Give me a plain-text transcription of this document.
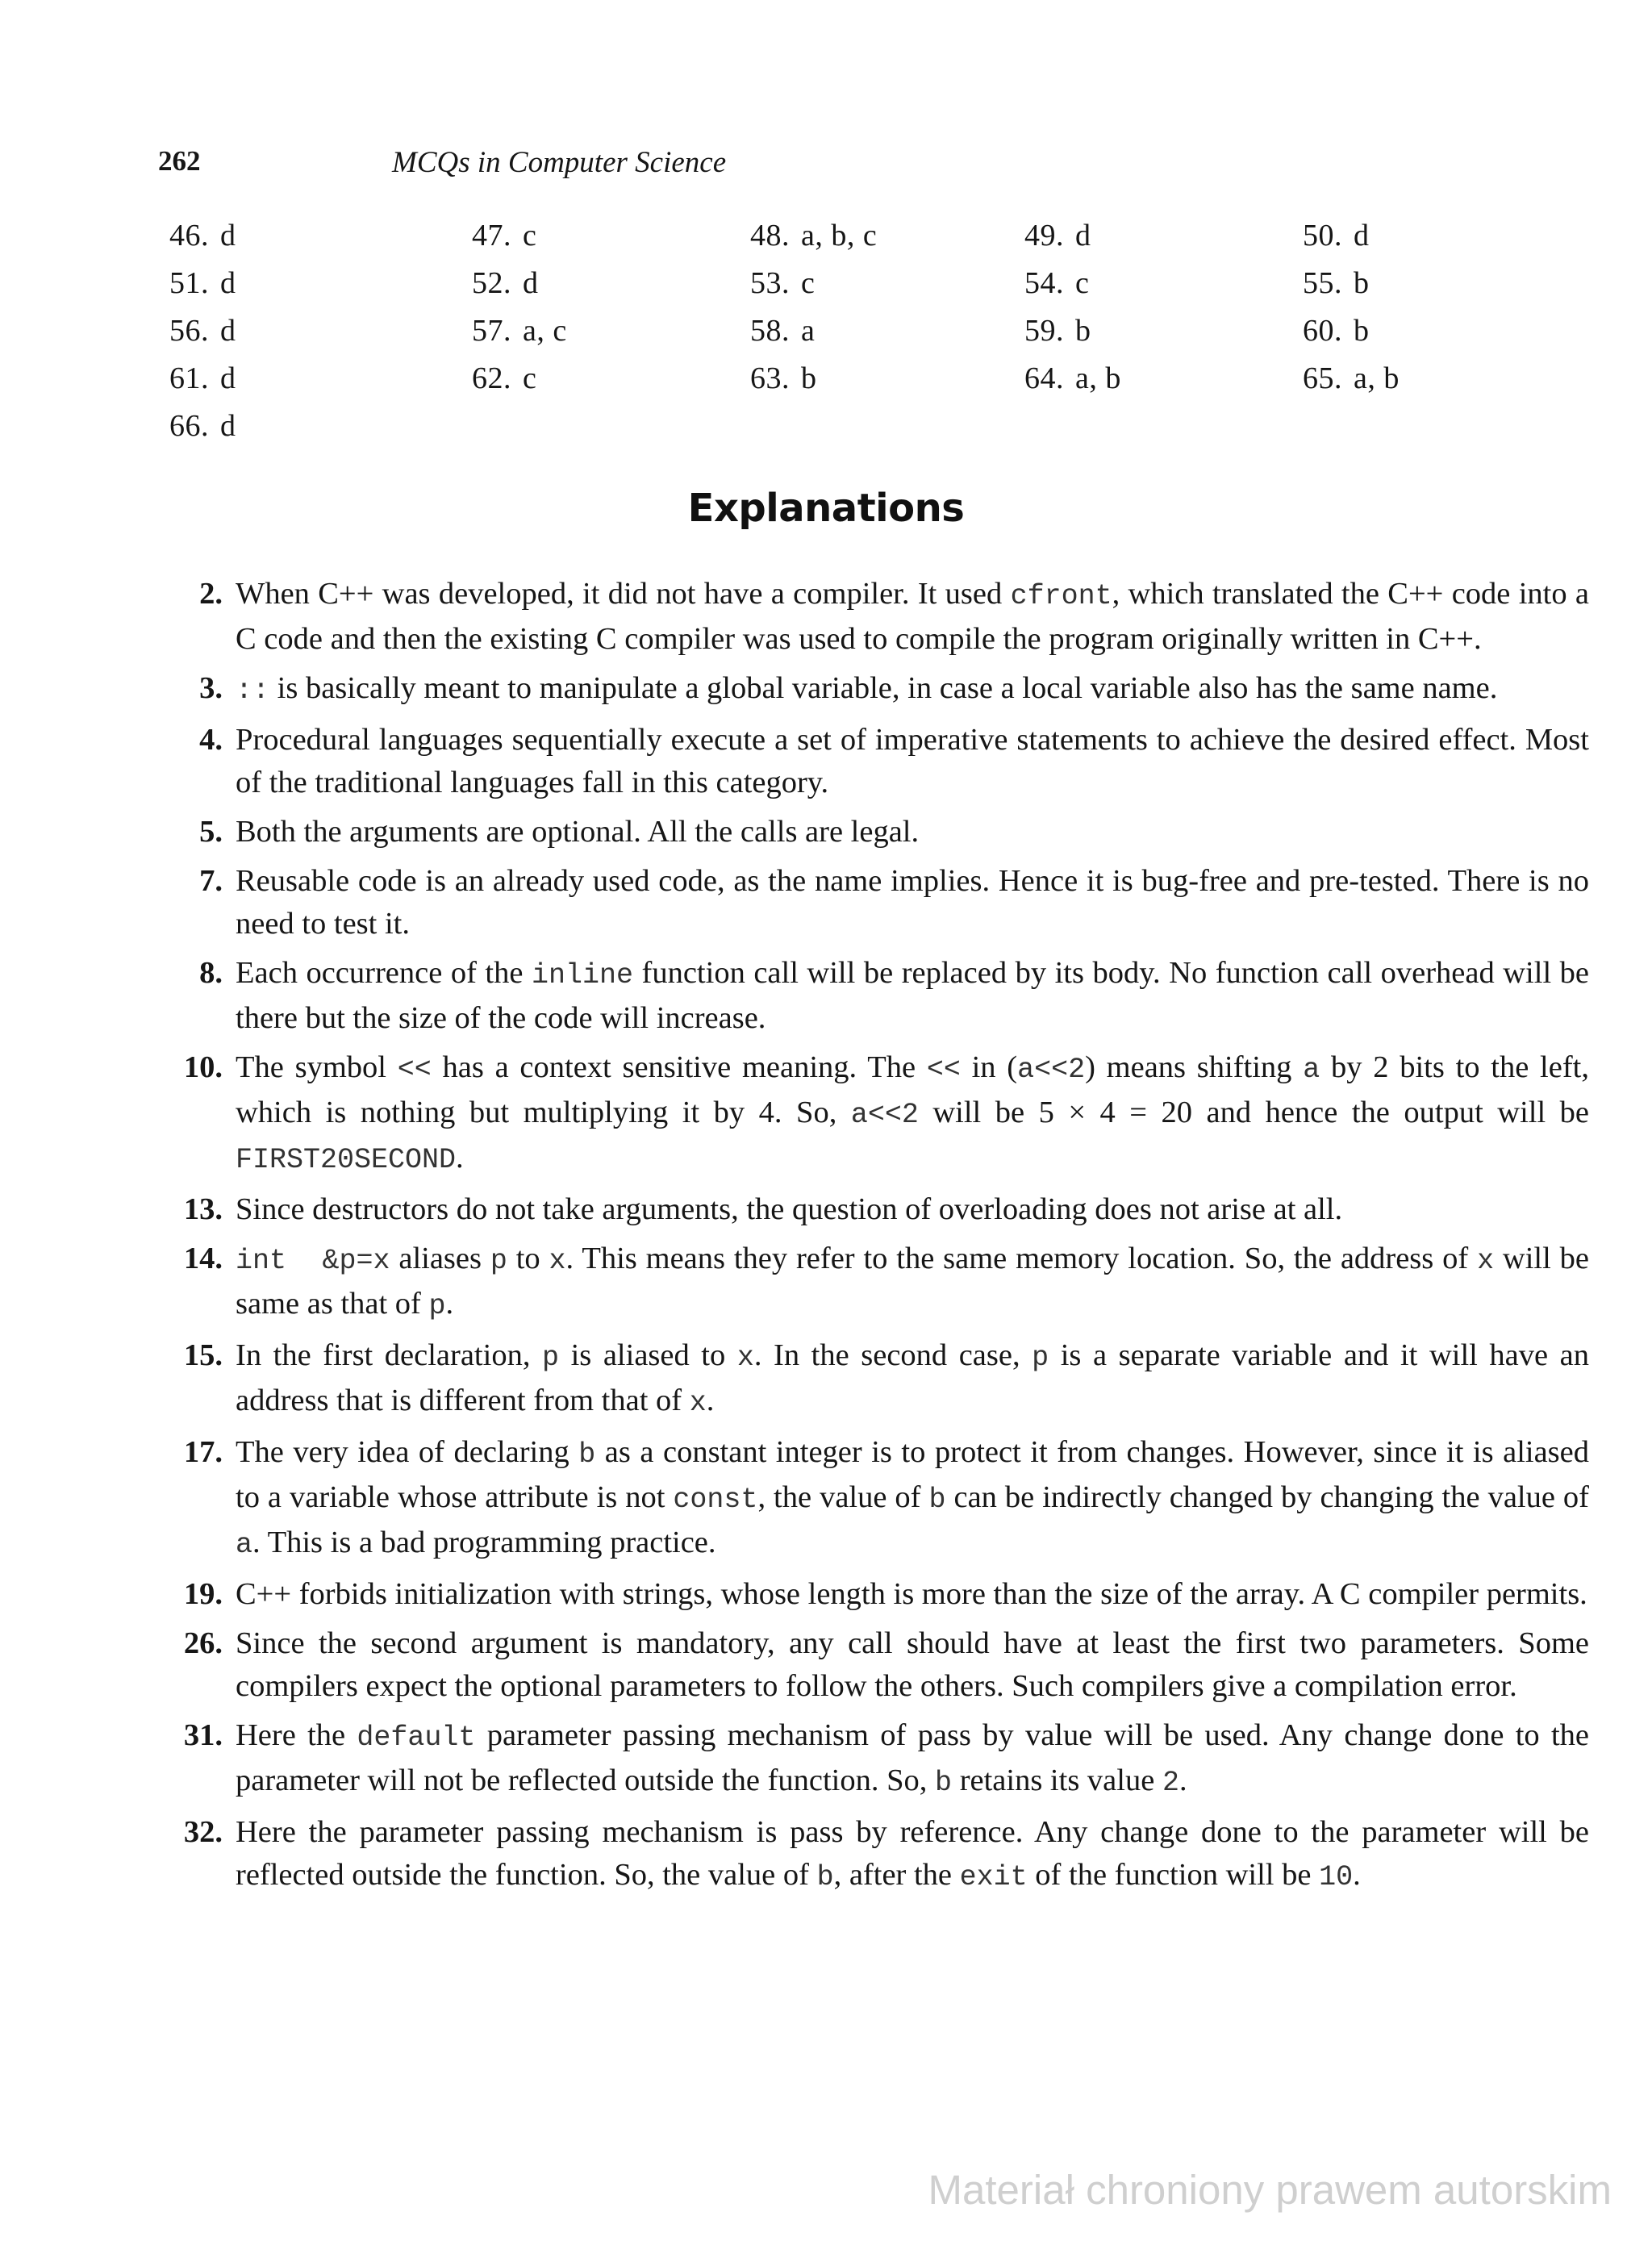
262	MCQs in Computer Science
46. d	47. c	48. a, b, c	49. d	50. d
51. d	52. d	53. c	54. c	55. b
56. d	57. a, c	58. a	59. b	60. b
61. d	62. c	63. b	64. a, b	65. a, b
66. d
Explanations
2. When C++ was developed, it did not have a compiler. It used cfront, which translated the C++ code into a C code and then the existing C compiler was used to compile the program originally written in C++.
3. :: is basically meant to manipulate a global variable, in case a local variable also has the same name.
4. Procedural languages sequentially execute a set of imperative statements to achieve the desired effect. Most of the traditional languages fall in this category.
5. Both the arguments are optional. All the calls are legal.
7. Reusable code is an already used code, as the name implies. Hence it is bug-free and pre-tested. There is no need to test it.
8. Each occurrence of the inline function call will be replaced by its body. No function call overhead will be there but the size of the code will increase.
10. The symbol << has a context sensitive meaning. The << in (a<<2) means shifting a by 2 bits to the left, which is nothing but multiplying it by 4. So, a<<2 will be 5 × 4 = 20 and hence the output will be FIRST20SECOND.
13. Since destructors do not take arguments, the question of overloading does not arise at all.
14. int  &p=x aliases p to x. This means they refer to the same memory location. So, the address of x will be same as that of p.
15. In the first declaration, p is aliased to x. In the second case, p is a separate variable and it will have an address that is different from that of x.
17. The very idea of declaring b as a constant integer is to protect it from changes. However, since it is aliased to a variable whose attribute is not const, the value of b can be indirectly changed by changing the value of a. This is a bad programming practice.
19. C++ forbids initialization with strings, whose length is more than the size of the array. A C compiler permits.
26. Since the second argument is mandatory, any call should have at least the first two parameters. Some compilers expect the optional parameters to follow the others. Such compilers give a compilation error.
31. Here the default parameter passing mechanism of pass by value will be used. Any change done to the parameter will not be reflected outside the function. So, b retains its value 2.
32. Here the parameter passing mechanism is pass by reference. Any change done to the parameter will be reflected outside the function. So, the value of b, after the exit of the function will be 10.
Materiał chroniony prawem autorskim
